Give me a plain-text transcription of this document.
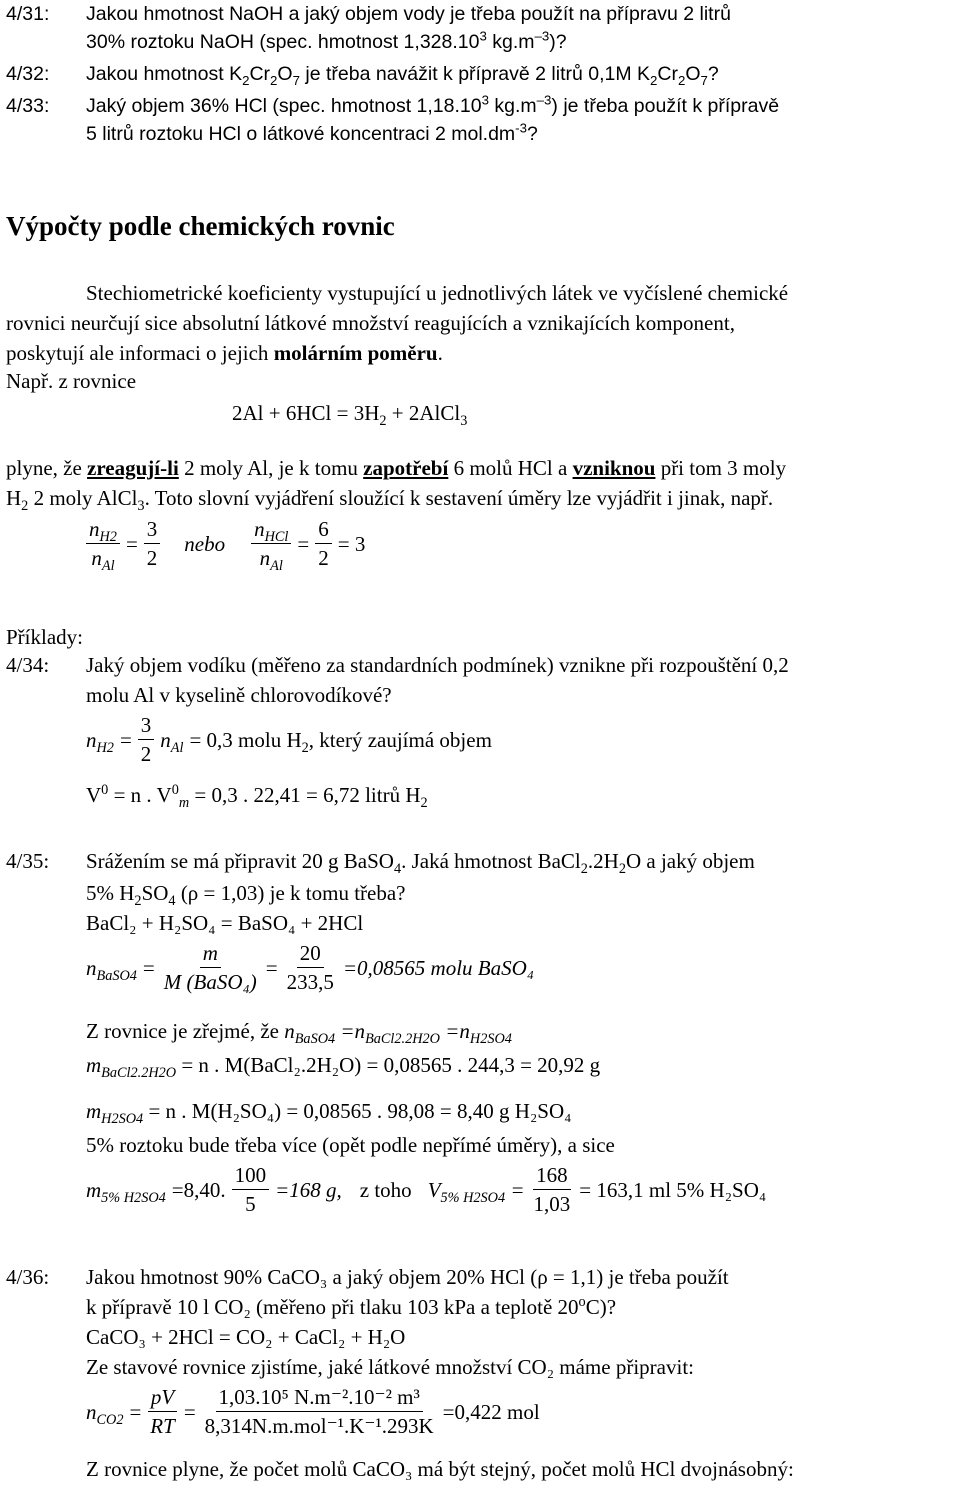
4/31: Jakou hmotnost NaOH a jaký objem vody je třeba použít na přípravu 2 litrů
30% roztoku NaOH (spec. hmotnost 1,328.10$^3$ $kg.m^{-3}$)?
4/32: Jakou hmotnost $K_2Cr_2O_7$ je třeba navážit k přípravě 2 litrů 0,1M $K_2Cr_2O_7$?
4/33: Jaký objem 36% HCl (spec. hmotnost 1,18.10$^3$ $kg.m^{-3}$) je třeba použít k přípravě
5 litrů roztoku HCl o látkové koncentraci 2 $mol.dm^{-3}$?
Výpočty podle chemických rovnic
Stechiometrické koeficienty vystupující u jednotlivých látek ve vyčíslené chemické
rovnici neurčují sice absolutní látkové množství reagujících a vznikajících komponent,
poskytují ale informaci o jejich molárním poměru.
Např. z rovnice
$2Al + 6HCl = 3H_2$ + 2AlCl$_3$
plyne, že zreagují-li 2 moly Al, je k tomu zapotřebí 6 molů HCl a vzniknou při tom 3 moly
$H_2$ 2 moly AlCl$_3$. Toto slovní vyjádření sloužící k sestavení úměry lze vyjádřit i jinak, např.
$\frac{n_{H2}}{n_{Al}} = \frac{3}{2}$ nebo $\frac{n_{HCl}}{n_{Al}} = \frac{6}{2} = 3$
Příklady:
4/34: Jaký objem vodíku (měřeno za standardních podmínek) vznikne při rozpouštění 0,2
molu Al v kyselině chlorovodíkové?
$n_{H2} = \frac{3}{2} n_{Al} = 0,3$ molu $H_2$, který zaujímá objem
$V^0 = n$ . $V^0_m = 0,3$ . 22,41 = 6,72 litrů $H_2$
4/35: Srážením se má připravit 20 g BaSO$_4$. Jaká hmotnost $BaCl_2.2H_2O$ a jaký objem
5% $H_2SO_4$ (ρ = 1,03) je k tomu třeba?
BaCl₂ + H₂SO₄ = BaSO₄ + 2HCl
$n_{BaSO4} = \frac{m}{\text{M (BaSO₄)}} = \frac{20}{233,5} =0,08565$ molu BaSO₄
Z rovnice je zřejmé, že $n_{BaSO4} =n_{BaCl2.2H2O} =n_{H2SO4}$
$m_{BaCl2.2H2O} = n$ . M(BaCl₂.2H₂O) = 0,08565 . 244,3 = 20,92 g
$m_{H2SO4} = n$ . M(H₂SO₄) = 0,08565 . 98,08 = 8,40 g H₂SO₄
5% roztoku bude třeba více (opět podle nepřímé úměry), a sice
$m_{5\% H2SO4} =8,40$. $\frac{100}{5} =168$ g, z toho $V_{5\% H2SO4} = \frac{168}{1,03} = 163,1$ ml 5% H₂SO₄
4/36: Jakou hmotnost 90% CaCO₃ a jaký objem 20% HCl (ρ = 1,1) je třeba použít
k přípravě 10 l CO₂ (měřeno při tlaku 103 kPa a teplotě 20$^o$C)?
CaCO₃ + 2HCl = CO₂ + CaCl₂ + H₂O
Ze stavové rovnice zjistíme, jaké látkové množství CO₂ máme připravit:
$n_{CO2} = \frac{pV}{RT} = \frac{\text{1,03.10⁵ N.m⁻².10⁻² m³}}{\text{8,314N.m.mol⁻¹.K⁻¹.293K}} =0,422$ mol
Z rovnice plyne, že počet molů CaCO₃ má být stejný, počet molů HCl dvojnásobný:
